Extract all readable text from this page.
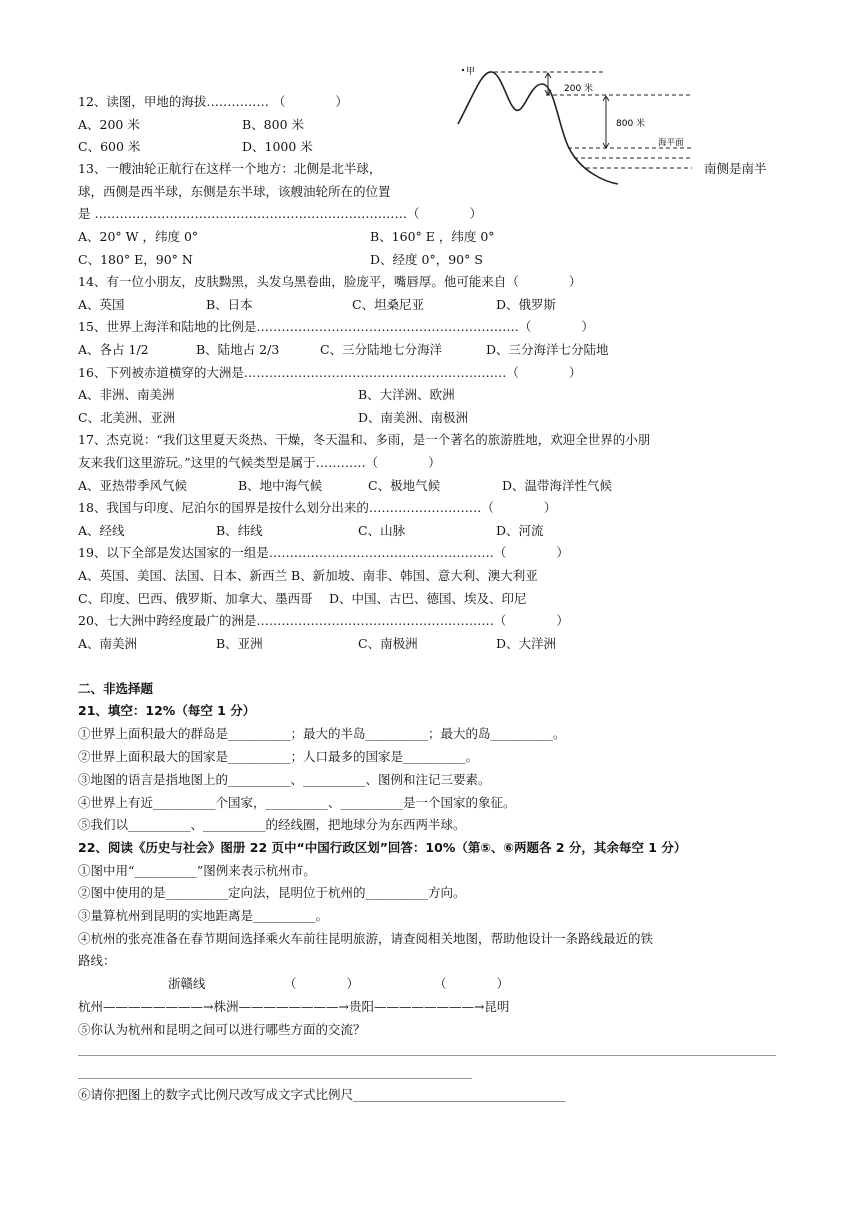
甲
200 米
800 米
海平面
12、读图，甲地的海拔…………… （　　　　）
A、200 米	B、800 米
C、600 米	D、1000 米
13、一艘油轮正航行在这样一个地方：北侧是北半球，	南侧是南半
球，西侧是西半球，东侧是东半球，该艘油轮所在的位置
是 …………………………………………………………………（　　　　）
A、20° W ，纬度 0°	B、160° E ，纬度 0°
C、180° E，90° N	D、经度 0°，90° S
14、有一位小朋友，皮肤黝黑，头发乌黑卷曲，脸庞平，嘴唇厚。他可能来自（　　　　）
A、英国	B、日本	C、坦桑尼亚	D、俄罗斯
15、世界上海洋和陆地的比例是………………………………………………………（　　　　）
A、各占 1/2	B、陆地占 2/3	C、三分陆地七分海洋	D、三分海洋七分陆地
16、下列被赤道横穿的大洲是………………………………………………………（　　　　）
A、非洲、南美洲	B、大洋洲、欧洲
C、北美洲、亚洲	D、南美洲、南极洲
17、杰克说：“我们这里夏天炎热、干燥，冬天温和、多雨，是一个著名的旅游胜地，欢迎全世界的小朋
友来我们这里游玩。”这里的气候类型是属于…………（　　　　）
A、亚热带季风气候	B、地中海气候	C、极地气候	D、温带海洋性气候
18、我国与印度、尼泊尔的国界是按什么划分出来的………………………（　　　　）
A、经线	B、纬线	C、山脉	D、河流
19、以下全部是发达国家的一组是………………………………………………（　　　　）
A、英国、美国、法国、日本、新西兰 B、新加坡、南非、韩国、意大利、澳大利亚
C、印度、巴西、俄罗斯、加拿大、墨西哥　 D、中国、古巴、德国、埃及、印尼
20、七大洲中跨经度最广的洲是…………………………………………………（　　　　）
A、南美洲	B、亚洲	C、南极洲	D、大洋洲
二、非选择题
21、填空：12%（每空 1 分）
①世界上面积最大的群岛是__________；最大的半岛__________；最大的岛__________。
②世界上面积最大的国家是__________；人口最多的国家是__________。
③地图的语言是指地图上的__________、__________、图例和注记三要素。
④世界上有近__________个国家，__________、__________是一个国家的象征。
⑤我们以__________、__________的经线圈，把地球分为东西两半球。
22、阅读《历史与社会》图册 22 页中“中国行政区划”回答：10%（第⑤、⑥两题各 2 分，其余每空 1 分）
①图中用“__________”图例来表示杭州市。
②图中使用的是__________定向法，昆明位于杭州的__________方向。
③量算杭州到昆明的实地距离是__________。
④杭州的张亮准备在春节期间选择乘火车前往昆明旅游，请查阅相关地图，帮助他设计一条路线最近的铁
路线：
浙赣线	（　　　　）	（　　　　）
杭州————————→株洲————————→贵阳————————→昆明
⑤你认为杭州和昆明之间可以进行哪些方面的交流？
⑥请你把图上的数字式比例尺改写成文字式比例尺__________________________________
